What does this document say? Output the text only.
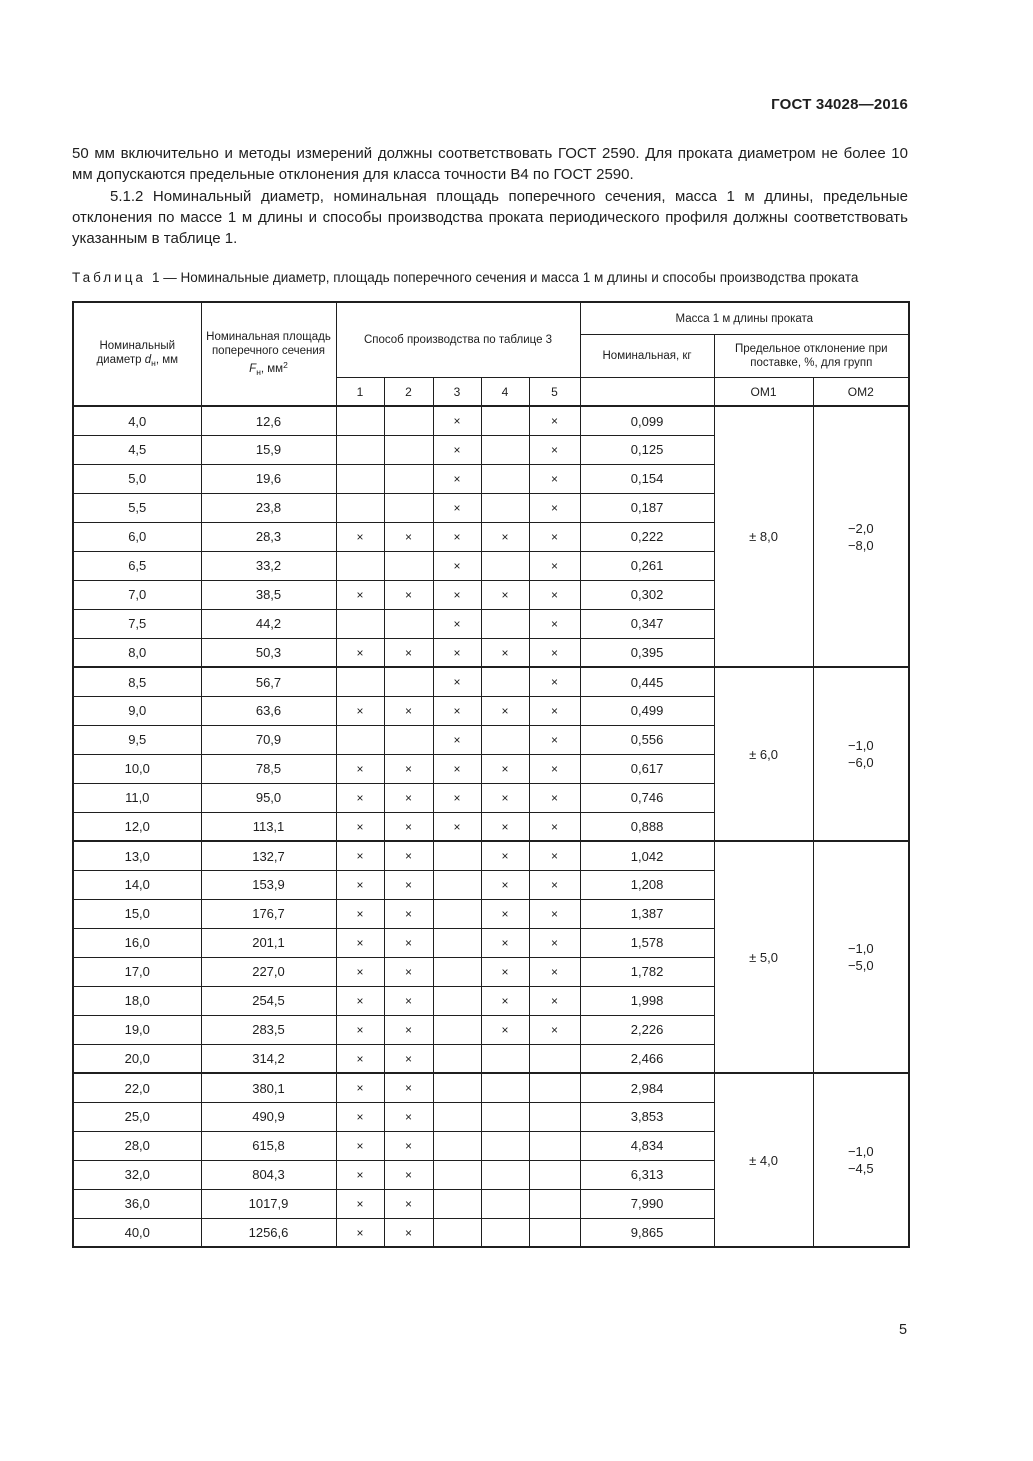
ГОСТ 34028—2016

50 мм включительно и методы измерений должны соответствовать ГОСТ 2590. Для проката диаметром не более 10 мм допускаются предельные отклонения для класса точности В4 по ГОСТ 2590.

5.1.2 Номинальный диаметр, номинальная площадь поперечного сечения, масса 1 м длины, предельные отклонения по массе 1 м длины и способы производства проката периодического профиля должны соответствовать указанным в таблице 1.

Таблица 1 — Номинальные диаметр, площадь поперечного сечения и масса 1 м длины и способы производства проката

Номинальный диаметр $d_н$, мм	Номинальная площадь поперечного сечения $F_н$, $мм^2$	Способ производства по таблице 3					Масса 1 м длины проката		
							Номинальная, кг	Предельное отклонение при поставке, %, для групп	
		1	2	3	4	5		ОМ1	ОМ2
4,0	12,6			×		×	0,099	± 8,0	−2,0
−8,0
4,5	15,9			×		×	0,125		
5,0	19,6			×		×	0,154		
5,5	23,8			×		×	0,187		
6,0	28,3	×	×	×	×	×	0,222		
6,5	33,2			×		×	0,261		
7,0	38,5	×	×	×	×	×	0,302		
7,5	44,2			×		×	0,347		
8,0	50,3	×	×	×	×	×	0,395		
8,5	56,7			×		×	0,445	± 6,0	−1,0
−6,0
9,0	63,6	×	×	×	×	×	0,499		
9,5	70,9			×		×	0,556		
10,0	78,5	×	×	×	×	×	0,617		
11,0	95,0	×	×	×	×	×	0,746		
12,0	113,1	×	×	×	×	×	0,888		
13,0	132,7	×	×		×	×	1,042	± 5,0	−1,0
−5,0
14,0	153,9	×	×		×	×	1,208		
15,0	176,7	×	×		×	×	1,387		
16,0	201,1	×	×		×	×	1,578		
17,0	227,0	×	×		×	×	1,782		
18,0	254,5	×	×		×	×	1,998		
19,0	283,5	×	×		×	×	2,226		
20,0	314,2	×	×				2,466		
22,0	380,1	×	×				2,984	± 4,0	−1,0
−4,5
25,0	490,9	×	×				3,853		
28,0	615,8	×	×				4,834		
32,0	804,3	×	×				6,313		
36,0	1017,9	×	×				7,990		
40,0	1256,6	×	×				9,865		
5
